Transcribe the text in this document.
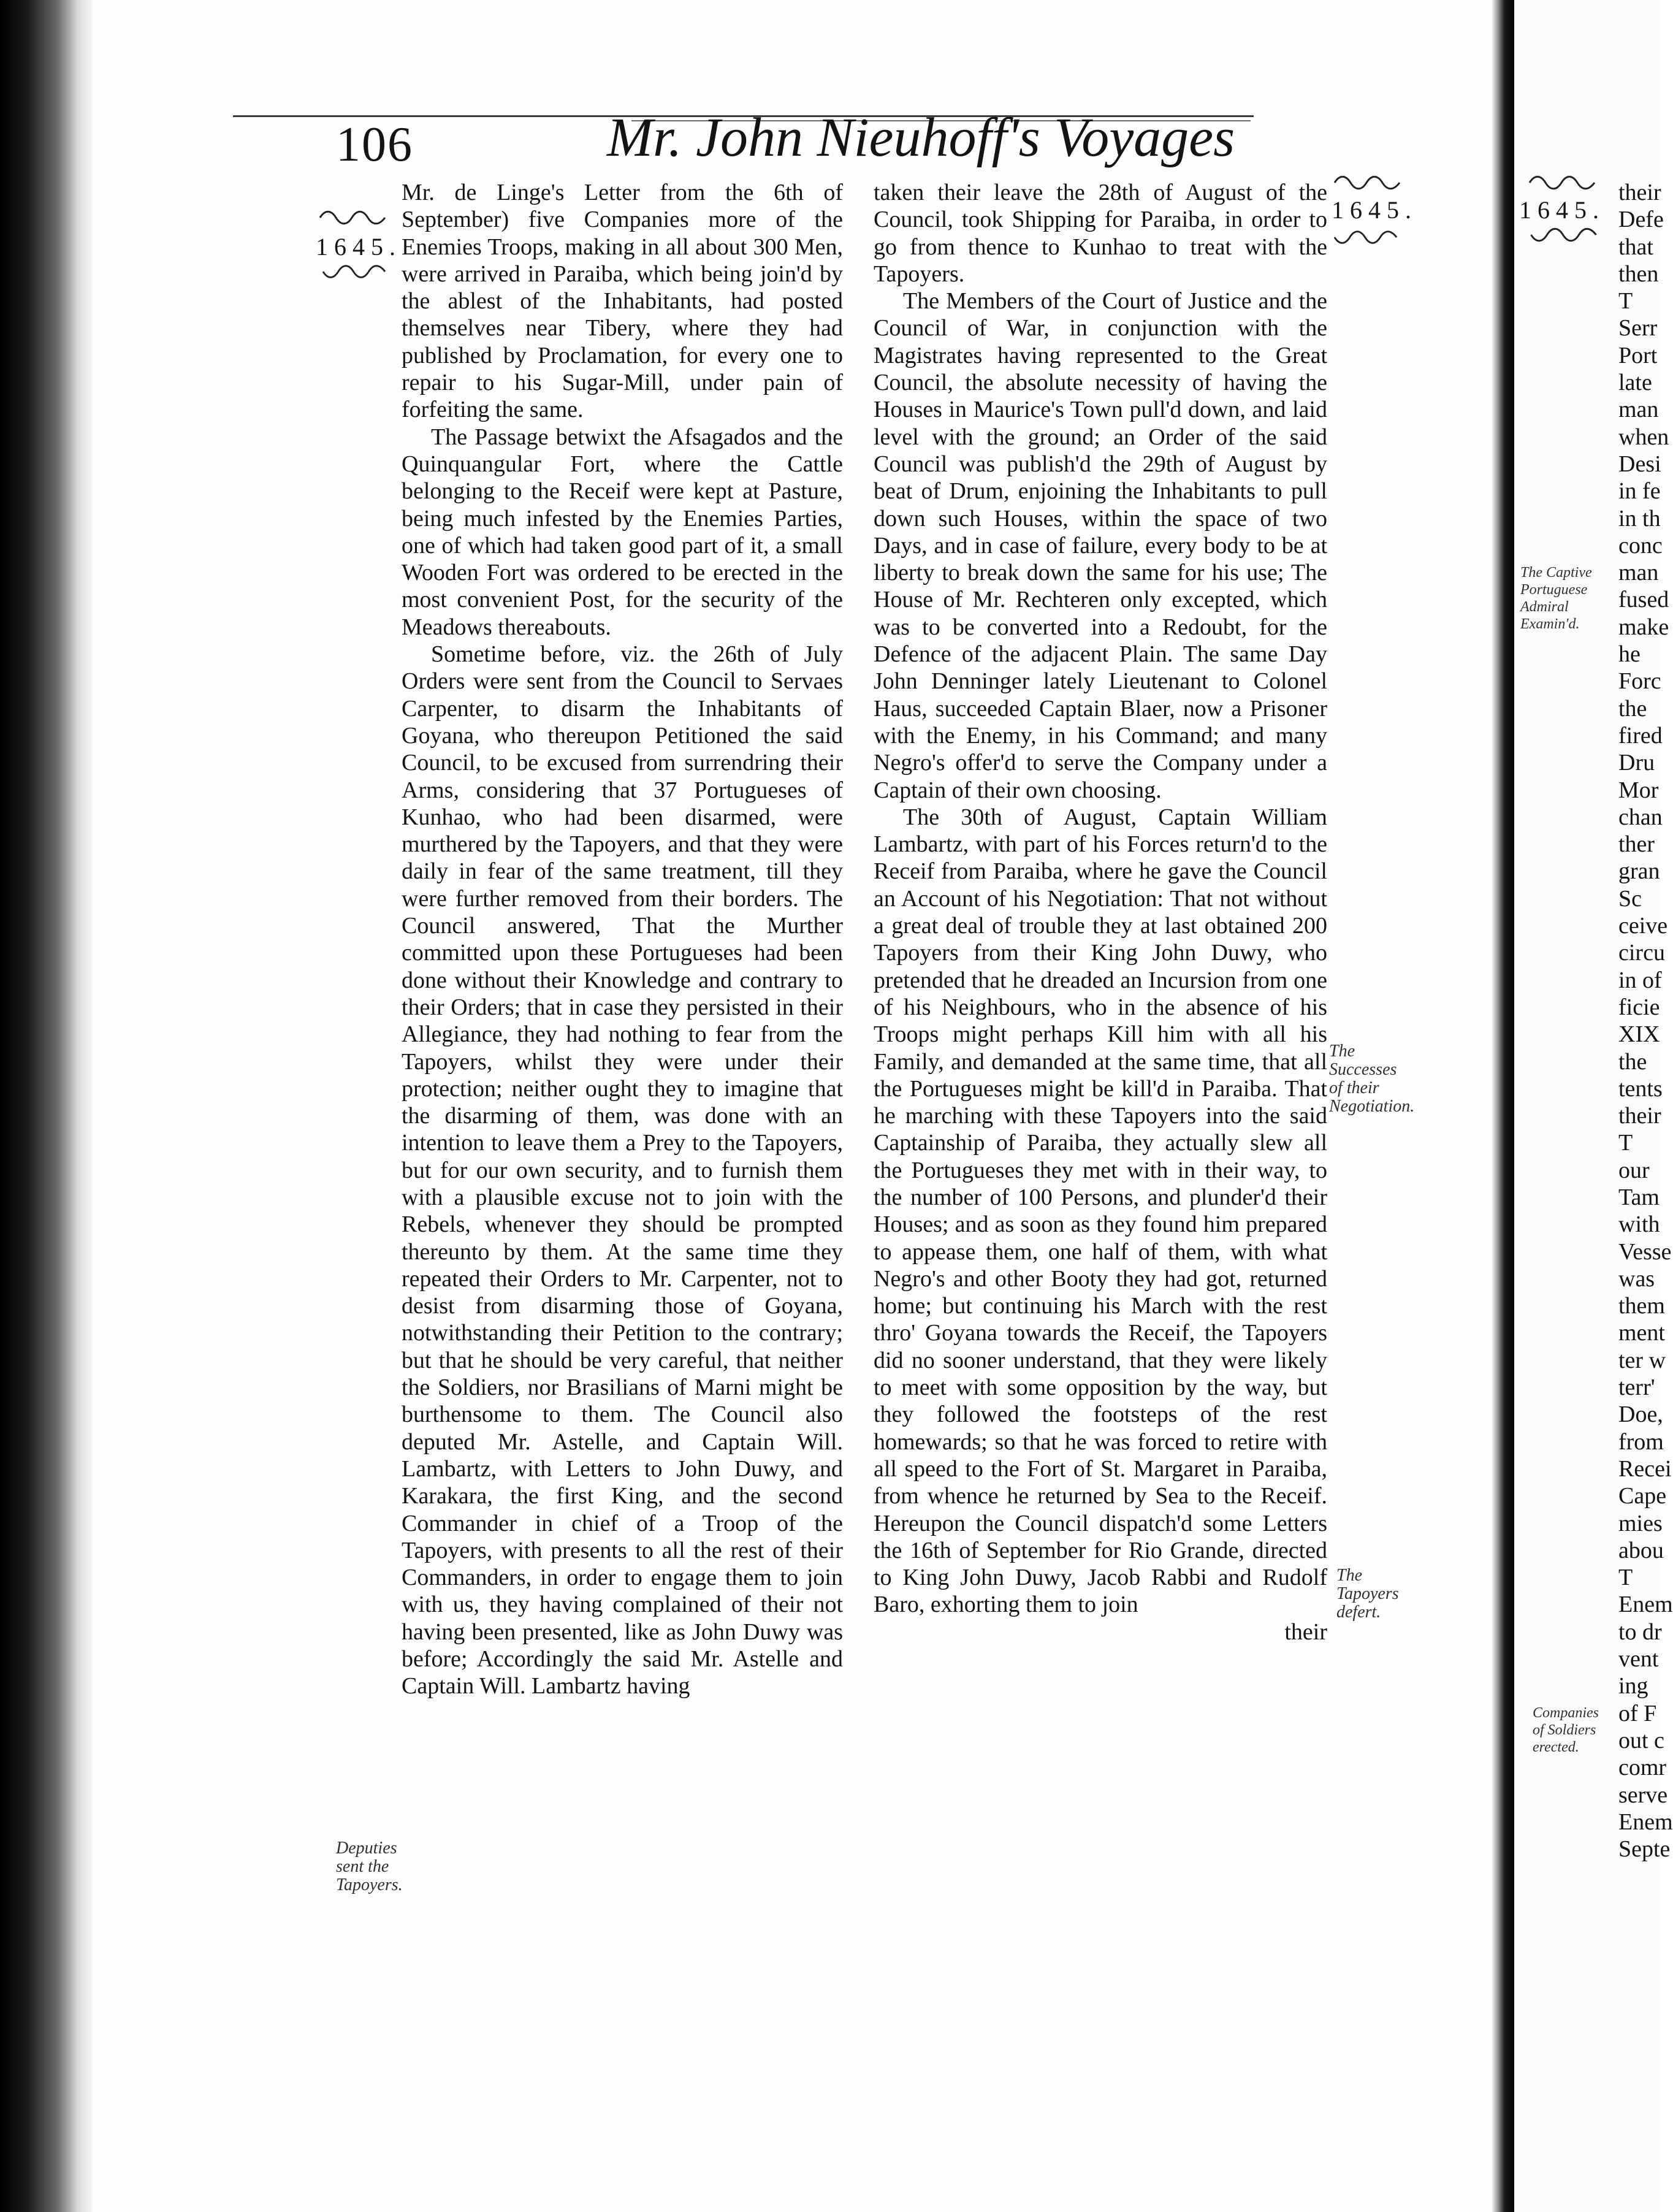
106	Mr. John Nieuhoff's Voyages
1645.
Deputies sent the Tapoyers.

Mr. de Linge's Letter from the 6th of September) five Companies more of the Enemies Troops, making in all about 300 Men, were arrived in Paraiba, which being join'd by the ablest of the Inhabitants, had posted themselves near Tibery, where they had published by Proclamation, for every one to repair to his Sugar-Mill, under pain of forfeiting the same.

The Passage betwixt the Afsagados and the Quinquangular Fort, where the Cattle belonging to the Receif were kept at Pasture, being much infested by the Enemies Parties, one of which had taken good part of it, a small Wooden Fort was ordered to be erected in the most convenient Post, for the security of the Meadows thereabouts.

Sometime before, viz. the 26th of July Orders were sent from the Council to Servaes Carpenter, to disarm the Inhabitants of Goyana, who thereupon Petitioned the said Council, to be excused from surrendring their Arms, considering that 37 Portugueses of Kunhao, who had been disarmed, were murthered by the Tapoyers, and that they were daily in fear of the same treatment, till they were further removed from their borders. The Council answered, That the Murther committed upon these Portugueses had been done without their Knowledge and contrary to their Orders; that in case they persisted in their Allegiance, they had nothing to fear from the Tapoyers, whilst they were under their protection; neither ought they to imagine that the disarming of them, was done with an intention to leave them a Prey to the Tapoyers, but for our own security, and to furnish them with a plausible excuse not to join with the Rebels, whenever they should be prompted thereunto by them. At the same time they repeated their Orders to Mr. Carpenter, not to desist from disarming those of Goyana, notwithstanding their Petition to the contrary; but that he should be very careful, that neither the Soldiers, nor Brasilians of Marni might be burthensome to them. The Council also deputed Mr. Astelle, and Captain Will. Lambartz, with Letters to John Duwy, and Karakara, the first King, and the second Commander in chief of a Troop of the Tapoyers, with presents to all the rest of their Commanders, in order to engage them to join with us, they having complained of their not having been presented, like as John Duwy was before; Accordingly the said Mr. Astelle and Captain Will. Lambartz having

taken their leave the 28th of August of the Council, took Shipping for Paraiba, in order to go from thence to Kunhao to treat with the Tapoyers.

The Members of the Court of Justice and the Council of War, in conjunction with the Magistrates having represented to the Great Council, the absolute necessity of having the Houses in Maurice's Town pull'd down, and laid level with the ground; an Order of the said Council was publish'd the 29th of August by beat of Drum, enjoining the Inhabitants to pull down such Houses, within the space of two Days, and in case of failure, every body to be at liberty to break down the same for his use; The House of Mr. Rechteren only excepted, which was to be converted into a Redoubt, for the Defence of the adjacent Plain. The same Day John Denninger lately Lieutenant to Colonel Haus, succeeded Captain Blaer, now a Prisoner with the Enemy, in his Command; and many Negro's offer'd to serve the Company under a Captain of their own choosing.

The 30th of August, Captain William Lambartz, with part of his Forces return'd to the Receif from Paraiba, where he gave the Council an Account of his Negotiation: That not without a great deal of trouble they at last obtained 200 Tapoyers from their King John Duwy, who pretended that he dreaded an Incursion from one of his Neighbours, who in the absence of his Troops might perhaps Kill him with all his Family, and demanded at the same time, that all the Portugueses might be kill'd in Paraiba. That he marching with these Tapoyers into the said Captainship of Paraiba, they actually slew all the Portugueses they met with in their way, to the number of 100 Persons, and plunder'd their Houses; and as soon as they found him prepared to appease them, one half of them, with what Negro's and other Booty they had got, returned home; but continuing his March with the rest thro' Goyana towards the Receif, the Tapoyers did no sooner understand, that they were likely to meet with some opposition by the way, but they followed the footsteps of the rest homewards; so that he was forced to retire with all speed to the Fort of St. Margaret in Paraiba, from whence he returned by Sea to the Receif. Hereupon the Council dispatch'd some Letters the 16th of September for Rio Grande, directed to King John Duwy, Jacob Rabbi and Rudolf Baro, exhorting them to join

their
1645.
The Successes of their Negotiation.
The Tapoyers defert.
1645.
The Captive Portuguese Admiral Examin'd.
Companies of Soldiers erected.
their
Defe
that
then
T
Serr
Port
late
man
when
Desi
in fe
in th
conc
man
fused
make
he
Forc
the
fired
Dru
Mor
chan
ther
gran
Sc
ceive
circu
in of
ficie
XIX
the
tents
their
T
our
Tam
with
Vesse
was
them
ment
ter w
terr'
Doe,
from
Recei
Cape
mies
abou
T
Enem
to dr
vent
ing
of F
out c
comr
serve
Enem
Septe
